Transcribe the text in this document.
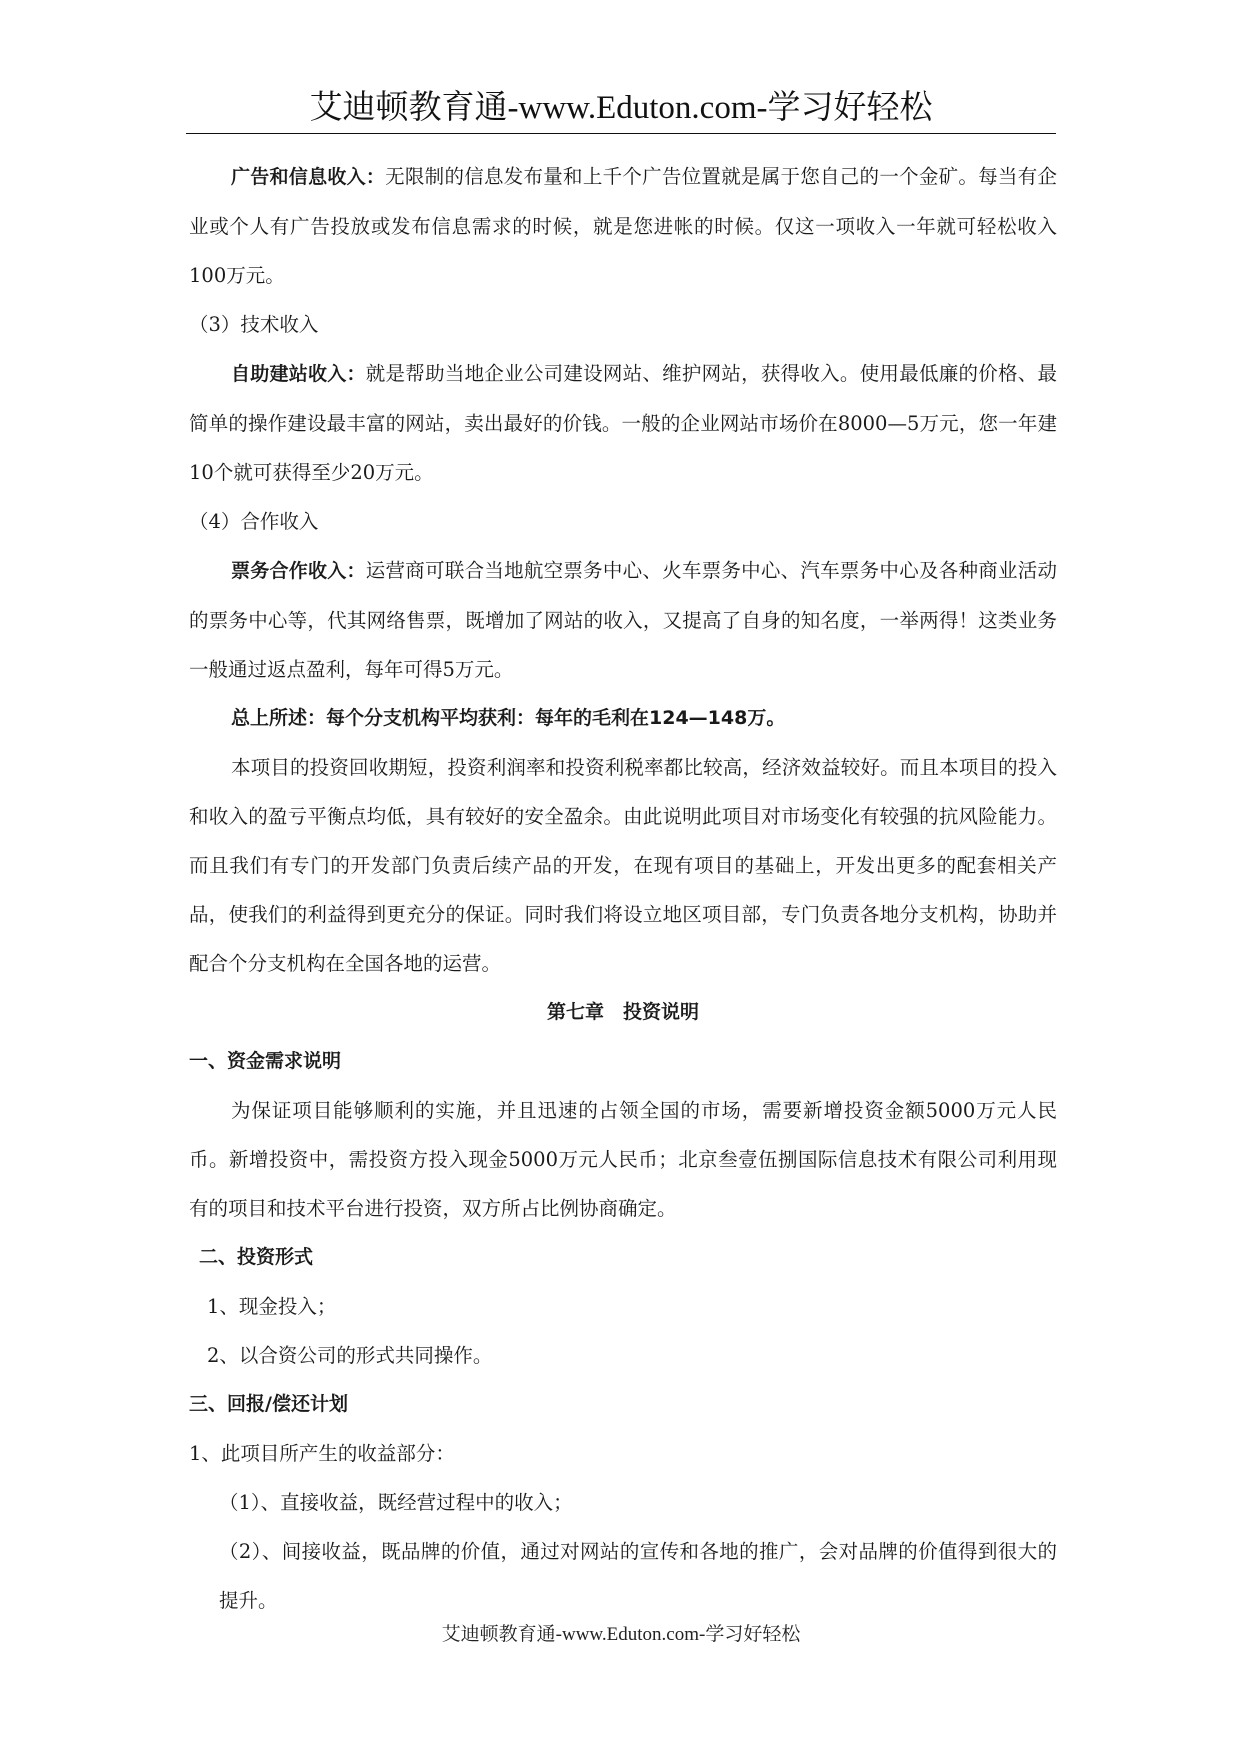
艾迪顿教育通-www.Eduton.com-学习好轻松

广告和信息收入：无限制的信息发布量和上千个广告位置就是属于您自己的一个金矿。每当有企业或个人有广告投放或发布信息需求的时候，就是您进帐的时候。仅这一项收入一年就可轻松收入100万元。

（3）技术收入

自助建站收入：就是帮助当地企业公司建设网站、维护网站，获得收入。使用最低廉的价格、最简单的操作建设最丰富的网站，卖出最好的价钱。一般的企业网站市场价在8000—5万元，您一年建10个就可获得至少20万元。

（4）合作收入

票务合作收入：运营商可联合当地航空票务中心、火车票务中心、汽车票务中心及各种商业活动的票务中心等，代其网络售票，既增加了网站的收入，又提高了自身的知名度，一举两得！这类业务一般通过返点盈利，每年可得5万元。

总上所述：每个分支机构平均获利：每年的毛利在124—148万。

本项目的投资回收期短，投资利润率和投资利税率都比较高，经济效益较好。而且本项目的投入和收入的盈亏平衡点均低，具有较好的安全盈余。由此说明此项目对市场变化有较强的抗风险能力。而且我们有专门的开发部门负责后续产品的开发，在现有项目的基础上，开发出更多的配套相关产品，使我们的利益得到更充分的保证。同时我们将设立地区项目部，专门负责各地分支机构，协助并配合个分支机构在全国各地的运营。

第七章　投资说明

一、资金需求说明

为保证项目能够顺利的实施，并且迅速的占领全国的市场，需要新增投资金额5000万元人民币。新增投资中，需投资方投入现金5000万元人民币；北京叁壹伍捌国际信息技术有限公司利用现有的项目和技术平台进行投资，双方所占比例协商确定。

二、投资形式

1、现金投入；

2、以合资公司的形式共同操作。

三、回报/偿还计划

1、此项目所产生的收益部分：

（1）、直接收益，既经营过程中的收入；

（2）、间接收益，既品牌的价值，通过对网站的宣传和各地的推广，会对品牌的价值得到很大的提升。

艾迪顿教育通-www.Eduton.com-学习好轻松
